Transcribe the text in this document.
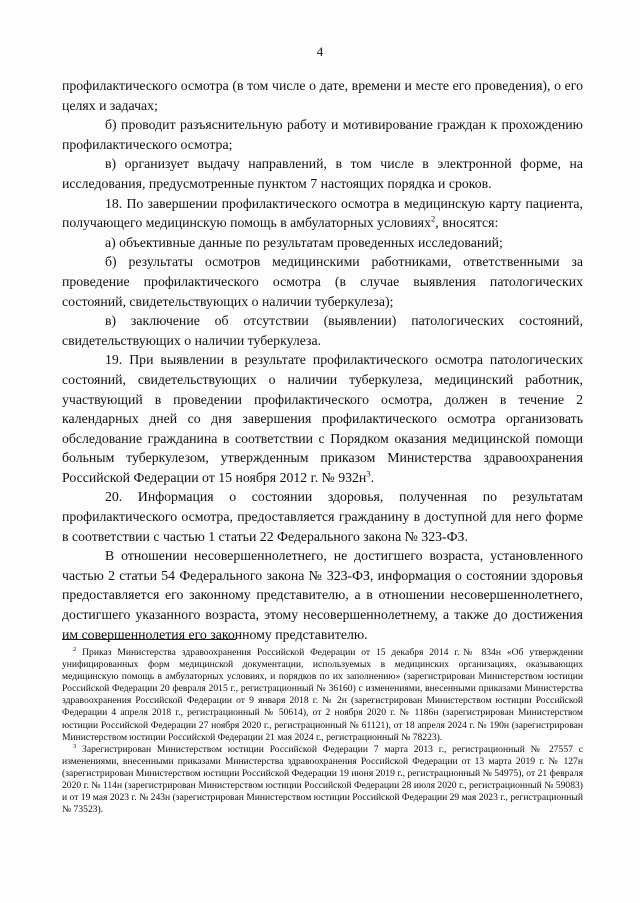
4

профилактического осмотра (в том числе о дате, времени и месте его проведения), о его целях и задачах;

б) проводит разъяснительную работу и мотивирование граждан к прохождению профилактического осмотра;

в) организует выдачу направлений, в том числе в электронной форме, на исследования, предусмотренные пунктом 7 настоящих порядка и сроков.

18. По завершении профилактического осмотра в медицинскую карту пациента, получающего медицинскую помощь в амбулаторных условиях$^2$, вносятся:

а) объективные данные по результатам проведенных исследований;

б) результаты осмотров медицинскими работниками, ответственными за проведение профилактического осмотра (в случае выявления патологических состояний, свидетельствующих о наличии туберкулеза);

в) заключение об отсутствии (выявлении) патологических состояний, свидетельствующих о наличии туберкулеза.

19. При выявлении в результате профилактического осмотра патологических состояний, свидетельствующих о наличии туберкулеза, медицинский работник, участвующий в проведении профилактического осмотра, должен в течение 2 календарных дней со дня завершения профилактического осмотра организовать обследование гражданина в соответствии с Порядком оказания медицинской помощи больным туберкулезом, утвержденным приказом Министерства здравоохранения Российской Федерации от 15 ноября 2012 г. № $932н^3$.

20. Информация о состоянии здоровья, полученная по результатам профилактического осмотра, предоставляется гражданину в доступной для него форме в соответствии с частью 1 статьи 22 Федерального закона № 323-ФЗ.

В отношении несовершеннолетнего, не достигшего возраста, установленного частью 2 статьи 54 Федерального закона № 323-ФЗ, информация о состоянии здоровья предоставляется его законному представителю, а в отношении несовершеннолетнего, достигшего указанного возраста, этому несовершеннолетнему, а также до достижения им совершеннолетия его законному представителю.

$^2$ Приказ Министерства здравоохранения Российской Федерации от 15 декабря 2014 г.№ 834н «Об утверждении унифицированных форм медицинской документации, используемых в медицинских организациях, оказывающих медицинскую помощь в амбулаторных условиях, и порядков по их заполнению» (зарегистрирован Министерством юстиции Российской Федерации 20 февраля 2015 г., регистрационный № 36160) с изменениями, внесенными приказами Министерства здравоохранения Российской Федерации от 9 января 2018 г. № 2н (зарегистрирован Министерством юстиции Российской Федерации 4 апреля 2018 г., регистрационный № 50614), от 2 ноября 2020 г. № 1186н (зарегистрирован Министерством юстиции Российской Федерации 27 ноября 2020 г., регистрационный № 61121), от 18 апреля 2024 г. № 190н (зарегистрирован Министерством юстиции Российской Федерации 21 мая 2024 г., регистрационный № 78223).

$^3$ Зарегистрирован Министерством юстиции Российской Федерации 7 марта 2013 г., регистрационный № 27557 с изменениями, внесенными приказами Министерства здравоохранения Российской Федерации от 13 марта 2019 г. № 127н (зарегистрирован Министерством юстиции Российской Федерации 19 июня 2019 г., регистрационный № 54975), от 21 февраля 2020 г. № 114н (зарегистрирован Министерством юстиции Российской Федерации 28 июля 2020 г., регистрационный № 59083) и от 19 мая 2023 г. № 243н (зарегистрирован Министерством юстиции Российской Федерации 29 мая 2023 г., регистрационный № 73523).
